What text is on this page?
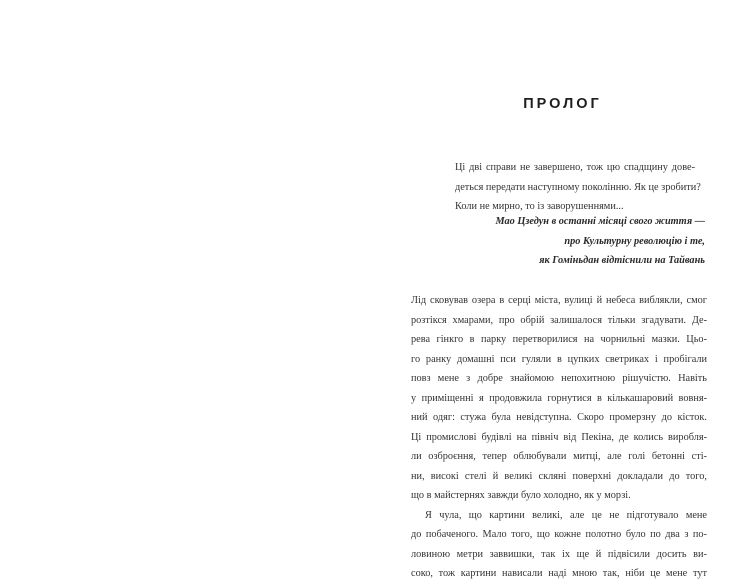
ПРОЛОГ
Ці дві справи не завершено, тож цю спадщину дове-
деться передати наступному поколінню. Як це зробити?
Коли не мирно, то із заворушеннями...
Мао Цзедун в останні місяці свого життя —
про Культурну революцію і те,
як Гоміньдан відтіснили на Тайвань
Лід сковував озера в серці міста, вулиці й небеса виблякли, смог
розтікся хмарами, про обрій залишалося тільки згадувати. Де-
рева гінкго в парку перетворилися на чорнильні мазки. Цьо-
го ранку домашні пси гуляли в цупких светриках і пробігали
повз мене з добре знайомою непохитною рішучістю. Навіть
у приміщенні я продовжила горнутися в кількашаровий вовня-
ний одяг: стужа була невідступна. Скоро промерзну до кісток.
Ці промислові будівлі на північ від Пекіна, де колись виробля-
ли озброєння, тепер облюбували митці, але голі бетонні сті-
ни, високі стелі й великі скляні поверхні докладали до того,
що в майстернях завжди було холодно, як у морзі.
Я чула, що картини великі, але це не підготувало мене
до побаченого. Мало того, що кожне полотно було по два з по-
ловиною метри заввишки, так іх ще й підвісили досить ви-
соко, тож картини нависали наді мною так, ніби це мене тут
